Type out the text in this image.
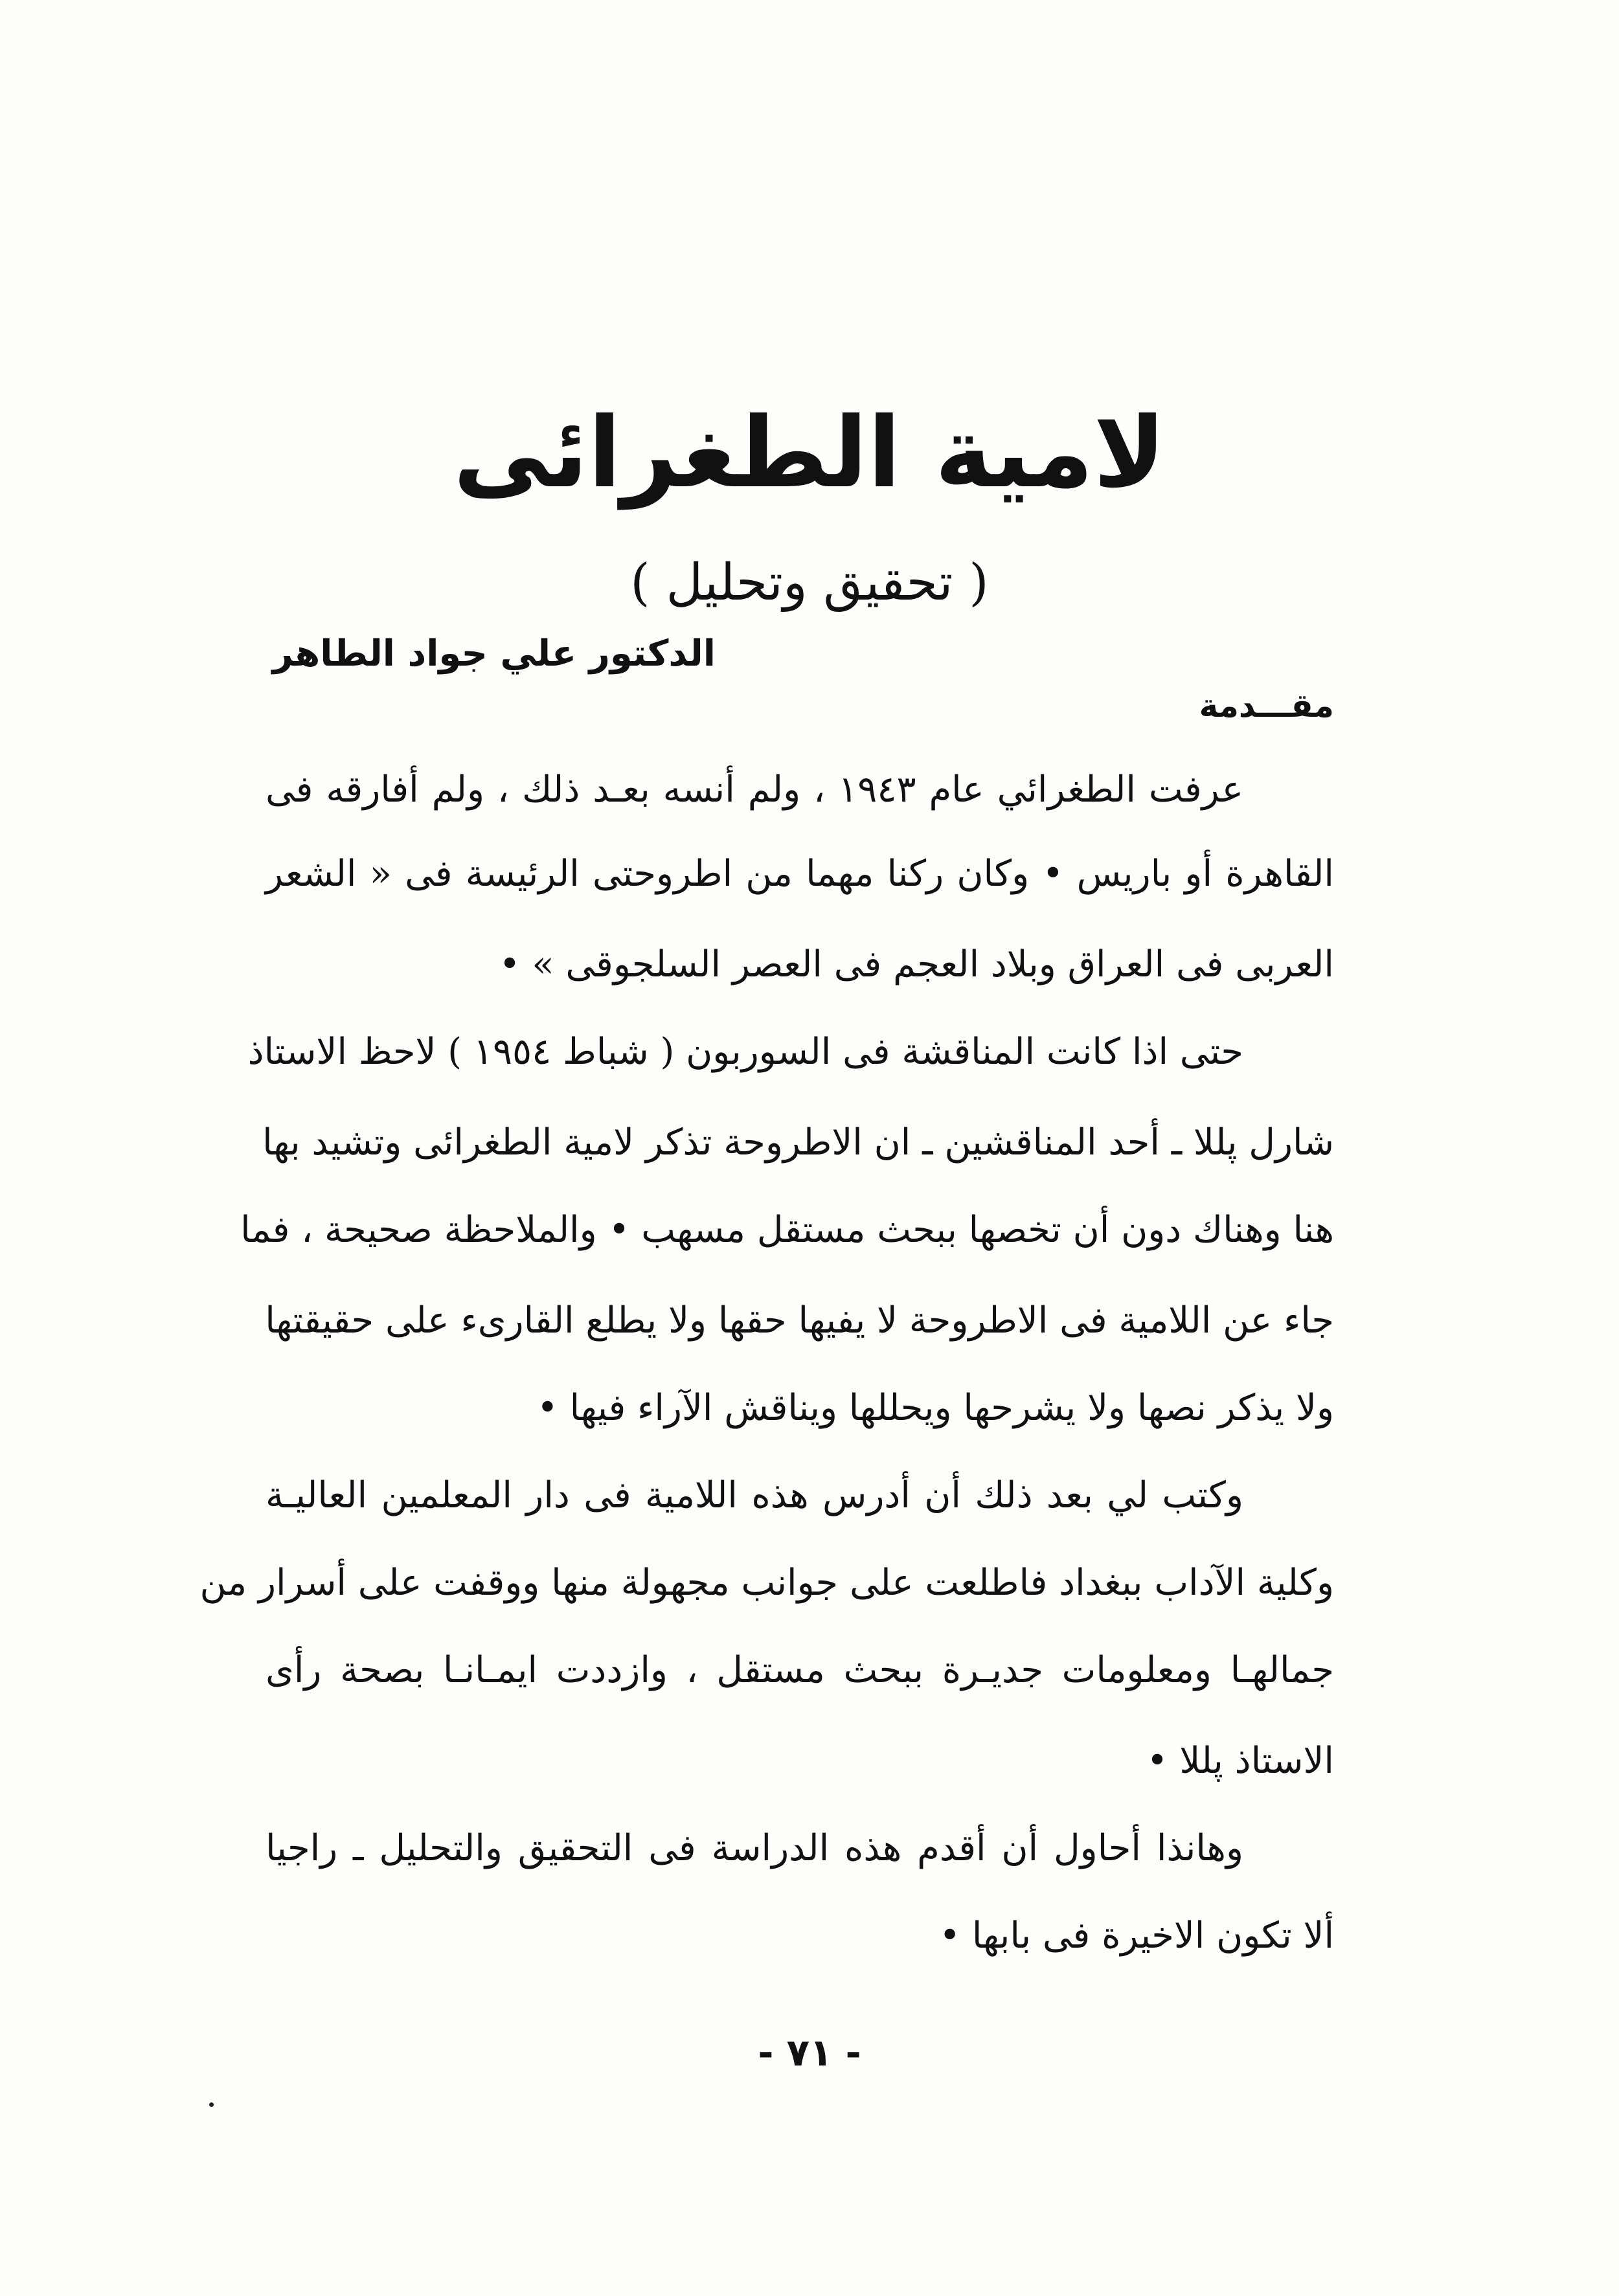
لامية الطغرائى
( تحقيق وتحليل )
الدكتور علي جواد الطاهر
مقـــدمة
عرفت الطغرائي عام ١٩٤٣ ، ولم أنسه بعـد ذلك ، ولم أفارقه فى
القاهرة أو باريس • وكان ركنا مهما من اطروحتى الرئيسة فى « الشعر
العربى فى العراق وبلاد العجم فى العصر السلجوقى » •
حتى اذا كانت المناقشة فى السوربون ( شباط ١٩٥٤ ) لاحظ الاستاذ
شارل پللا ـ أحد المناقشين ـ ان الاطروحة تذكر لامية الطغرائى وتشيد بها
هنا وهناك دون أن تخصها ببحث مستقل مسهب • والملاحظة صحيحة ، فما
جاء عن اللامية فى الاطروحة لا يفيها حقها ولا يطلع القارىء على حقيقتها
ولا يذكر نصها ولا يشرحها ويحللها ويناقش الآراء فيها •
وكتب لي بعد ذلك أن أدرس هذه اللامية فى دار المعلمين العاليـة
وكلية الآداب ببغداد فاطلعت على جوانب مجهولة منها ووقفت على أسرار من
جمالهـا ومعلومات جديـرة ببحث مستقل ، وازددت ايمـانـا بصحة رأى
الاستاذ پللا •
وهانذا أحاول أن أقدم هذه الدراسة فى التحقيق والتحليل ـ راجيا
ألا تكون الاخيرة فى بابها •
- ٧١ -
